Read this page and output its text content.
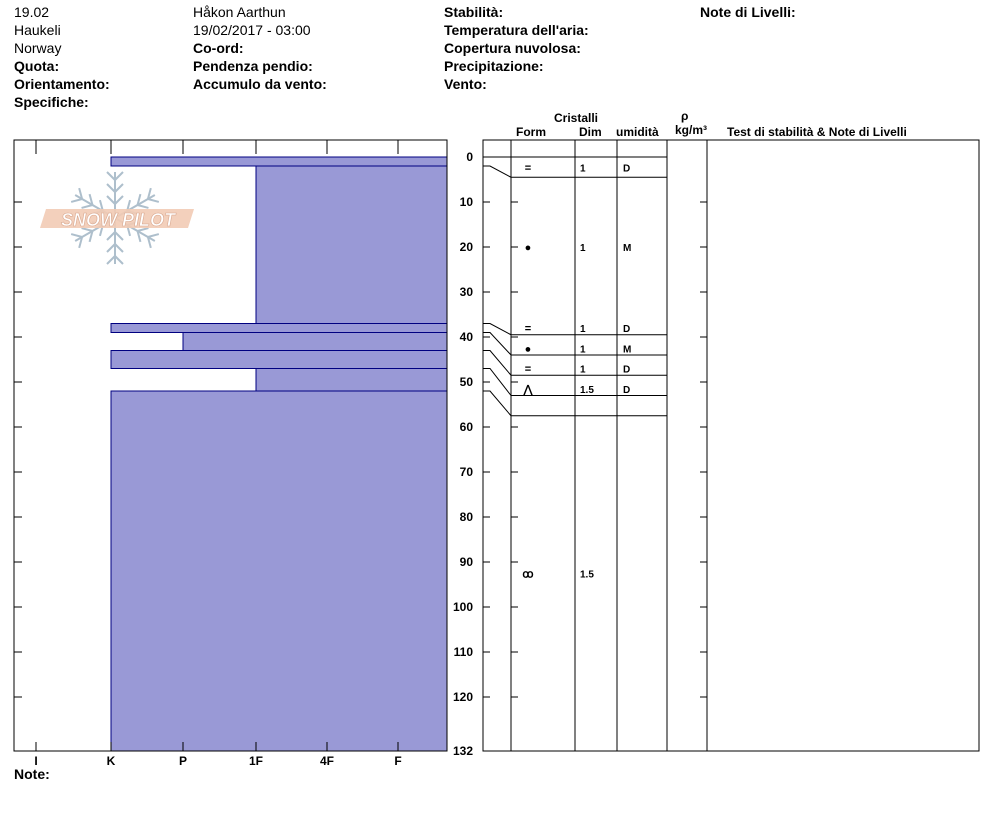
19.02
Haukeli
Norway
Quota:
Orientamento:
Specifiche:
Håkon Aarthun
19/02/2017 - 03:00
Co-ord:
Pendenza pendio:
Accumulo da vento:
Stabilità:
Temperatura dell'aria:
Copertura nuvolosa:
Precipitazione:
Vento:
Note di Livelli:
Note:
SNOW PILOT
I	K	P	1F	4F	F
0
10
20
30
40
50
60
70
80
90
100
110
120
132
=	1	D
●	1	M
=	1	D
●	1	M
=	1	D
⋀	1.5	D
ꝏ	1.5
Cristalli
Form	Dim umidità
ρ
kg/m³ Test di stabilità & Note di Livelli
